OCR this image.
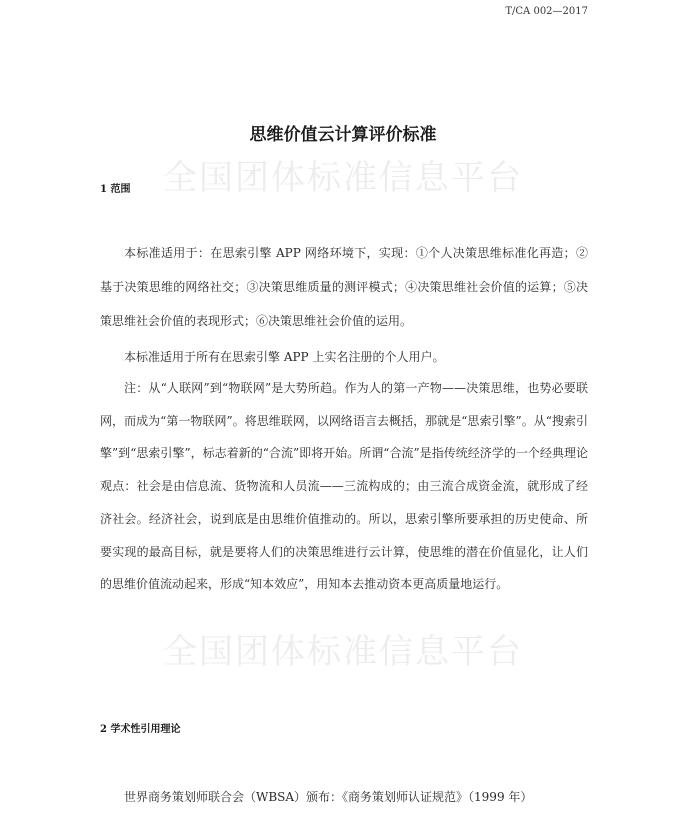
T/CA 002—2017
全国团体标准信息平台
全国团体标准信息平台
思维价值云计算评价标准
1 范围

本标准适用于：在思索引擎 APP 网络环境下，实现：①个人决策思维标准化再造；②基于决策思维的网络社交；③决策思维质量的测评模式；④决策思维社会价值的运算；⑤决策思维社会价值的表现形式；⑥决策思维社会价值的运用。

本标准适用于所有在思索引擎 APP 上实名注册的个人用户。

注：从“人联网”到“物联网”是大势所趋。作为人的第一产物——决策思维，也势必要联网，而成为“第一物联网”。将思维联网，以网络语言去概括，那就是“思索引擎”。从“搜索引擎”到“思索引擎”，标志着新的“合流”即将开始。所谓“合流”是指传统经济学的一个经典理论观点：社会是由信息流、货物流和人员流——三流构成的；由三流合成资金流，就形成了经济社会。经济社会，说到底是由思维价值推动的。所以，思索引擎所要承担的历史使命、所要实现的最高目标，就是要将人们的决策思维进行云计算，使思维的潜在价值显化，让人们的思维价值流动起来，形成“知本效应”，用知本去推动资本更高质量地运行。

2 学术性引用理论

世界商务策划师联合会（WBSA）颁布：《商务策划师认证规范》（1999 年）
